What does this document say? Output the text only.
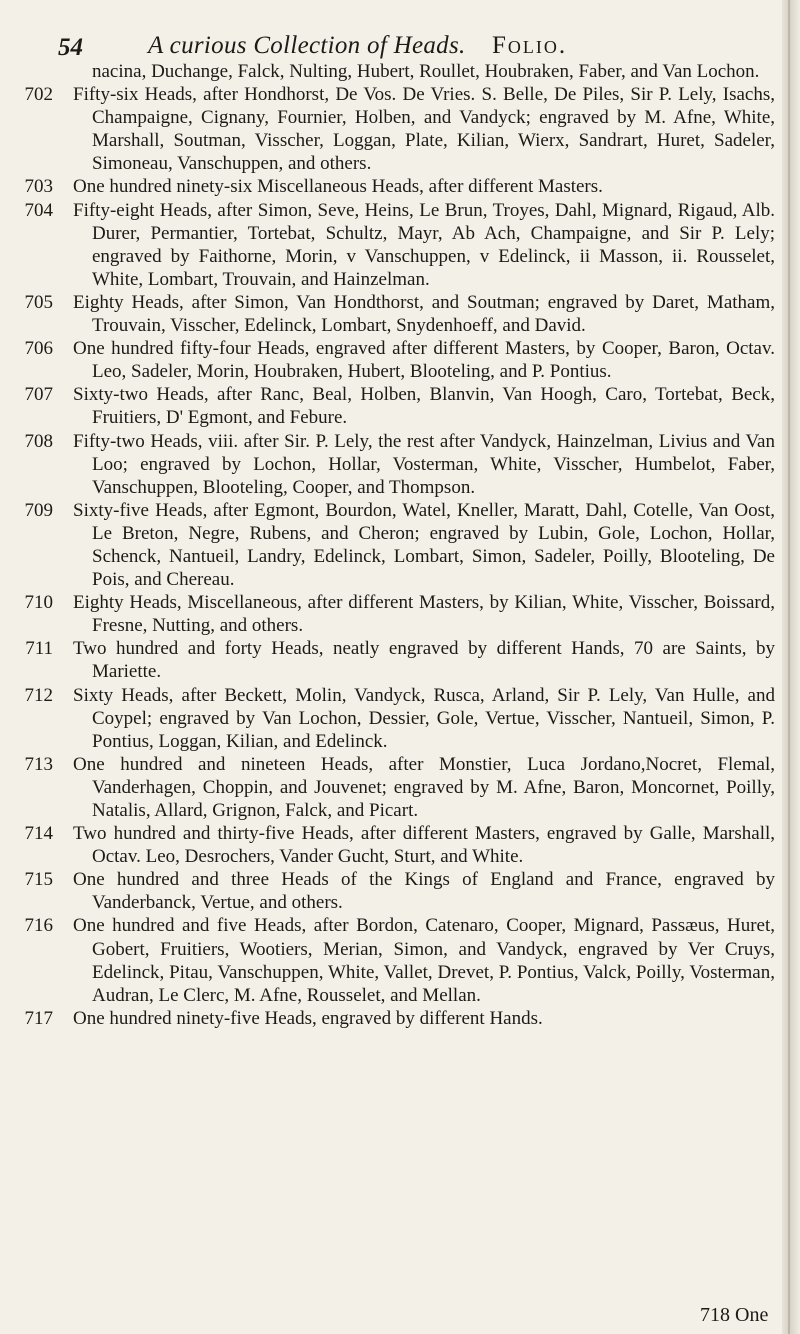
54	A curious Collection of Heads. Folio.
nacina, Duchange, Falck, Nulting, Hubert, Roullet, Houbraken, Faber, and Van Lochon.
702 Fifty-six Heads, after Hondhorst, De Vos. De Vries. S. Belle, De Piles, Sir P. Lely, Isachs, Champaigne, Cignany, Fournier, Holben, and Vandyck; engraved by M. Afne, White, Marshall, Soutman, Visscher, Loggan, Plate, Kilian, Wierx, Sandrart, Huret, Sadeler, Simoneau, Vanschuppen, and others.
703 One hundred ninety-six Miscellaneous Heads, after different Masters.
704 Fifty-eight Heads, after Simon, Seve, Heins, Le Brun, Troyes, Dahl, Mignard, Rigaud, Alb. Durer, Permantier, Tortebat, Schultz, Mayr, Ab Ach, Champaigne, and Sir P. Lely; engraved by Faithorne, Morin, v Vanschuppen, v Edelinck, ii Masson, ii. Rousselet, White, Lombart, Trouvain, and Hainzelman.
705 Eighty Heads, after Simon, Van Hondthorst, and Soutman; engraved by Daret, Matham, Trouvain, Visscher, Edelinck, Lombart, Snydenhoeff, and David.
706 One hundred fifty-four Heads, engraved after different Masters, by Cooper, Baron, Octav. Leo, Sadeler, Morin, Houbraken, Hubert, Blooteling, and P. Pontius.
707 Sixty-two Heads, after Ranc, Beal, Holben, Blanvin, Van Hoogh, Caro, Tortebat, Beck, Fruitiers, D' Egmont, and Febure.
708 Fifty-two Heads, viii. after Sir. P. Lely, the rest after Vandyck, Hainzelman, Livius and Van Loo; engraved by Lochon, Hollar, Vosterman, White, Visscher, Humbelot, Faber, Vanschuppen, Blooteling, Cooper, and Thompson.
709 Sixty-five Heads, after Egmont, Bourdon, Watel, Kneller, Maratt, Dahl, Cotelle, Van Oost, Le Breton, Negre, Rubens, and Cheron; engraved by Lubin, Gole, Lochon, Hollar, Schenck, Nantueil, Landry, Edelinck, Lombart, Simon, Sadeler, Poilly, Blooteling, De Pois, and Chereau.
710 Eighty Heads, Miscellaneous, after different Masters, by Kilian, White, Visscher, Boissard, Fresne, Nutting, and others.
711 Two hundred and forty Heads, neatly engraved by different Hands, 70 are Saints, by Mariette.
712 Sixty Heads, after Beckett, Molin, Vandyck, Rusca, Arland, Sir P. Lely, Van Hulle, and Coypel; engraved by Van Lochon, Dessier, Gole, Vertue, Visscher, Nantueil, Simon, P. Pontius, Loggan, Kilian, and Edelinck.
713 One hundred and nineteen Heads, after Monstier, Luca Jordano,Nocret, Flemal, Vanderhagen, Choppin, and Jouvenet; engraved by M. Afne, Baron, Moncornet, Poilly, Natalis, Allard, Grignon, Falck, and Picart.
714 Two hundred and thirty-five Heads, after different Masters, engraved by Galle, Marshall, Octav. Leo, Desrochers, Vander Gucht, Sturt, and White.
715 One hundred and three Heads of the Kings of England and France, engraved by Vanderbanck, Vertue, and others.
716 One hundred and five Heads, after Bordon, Catenaro, Cooper, Mignard, Passæus, Huret, Gobert, Fruitiers, Wootiers, Merian, Simon, and Vandyck, engraved by Ver Cruys, Edelinck, Pitau, Vanschuppen, White, Vallet, Drevet, P. Pontius, Valck, Poilly, Vosterman, Audran, Le Clerc, M. Afne, Rousselet, and Mellan.
717 One hundred ninety-five Heads, engraved by different Hands.
718 One
